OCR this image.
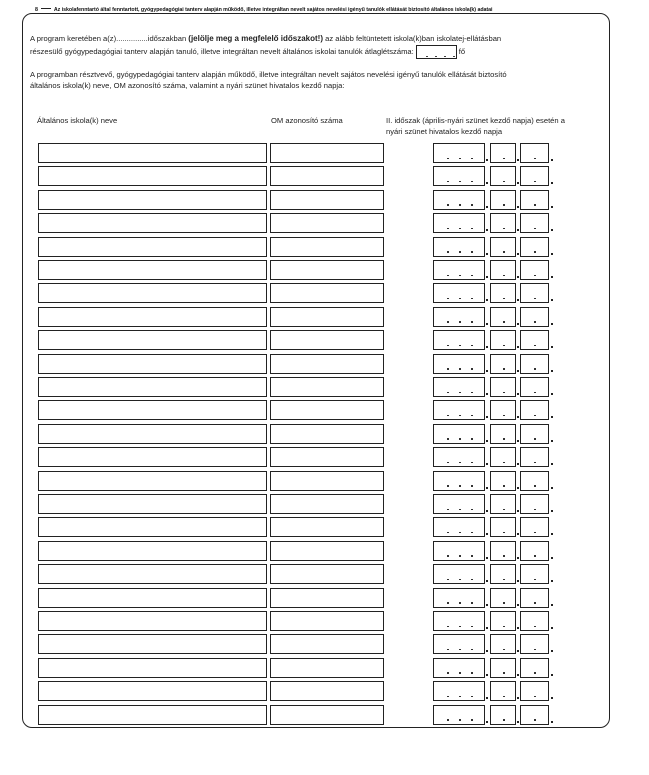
8	Az iskolafenntartó által fenntartott, gyógypedagógiai tanterv alapján működő, illetve integráltan nevelt sajátos nevelési igényű tanulók ellátását biztosító általános iskola(k) adatai
A program keretében a(z)...............időszakban (jelölje meg a megfelelő időszakot!) az alább feltüntetett iskola(k)ban iskolatej-ellátásban
részesülő gyógypedagógiai tanterv alapján tanuló, illetve integráltan nevelt általános iskolai tanulók átlaglétszáma:	fő
A programban résztvevő, gyógypedagógiai tanterv alapján működő, illetve integráltan nevelt sajátos nevelési igényű tanulók ellátását biztosító
általános iskola(k) neve, OM azonosító száma, valamint a nyári szünet hivatalos kezdő napja:
Általános iskola(k) neve	OM azonosító száma	II. időszak (április-nyári szünet kezdő napja) esetén a
nyári szünet hivatalos kezdő napja
